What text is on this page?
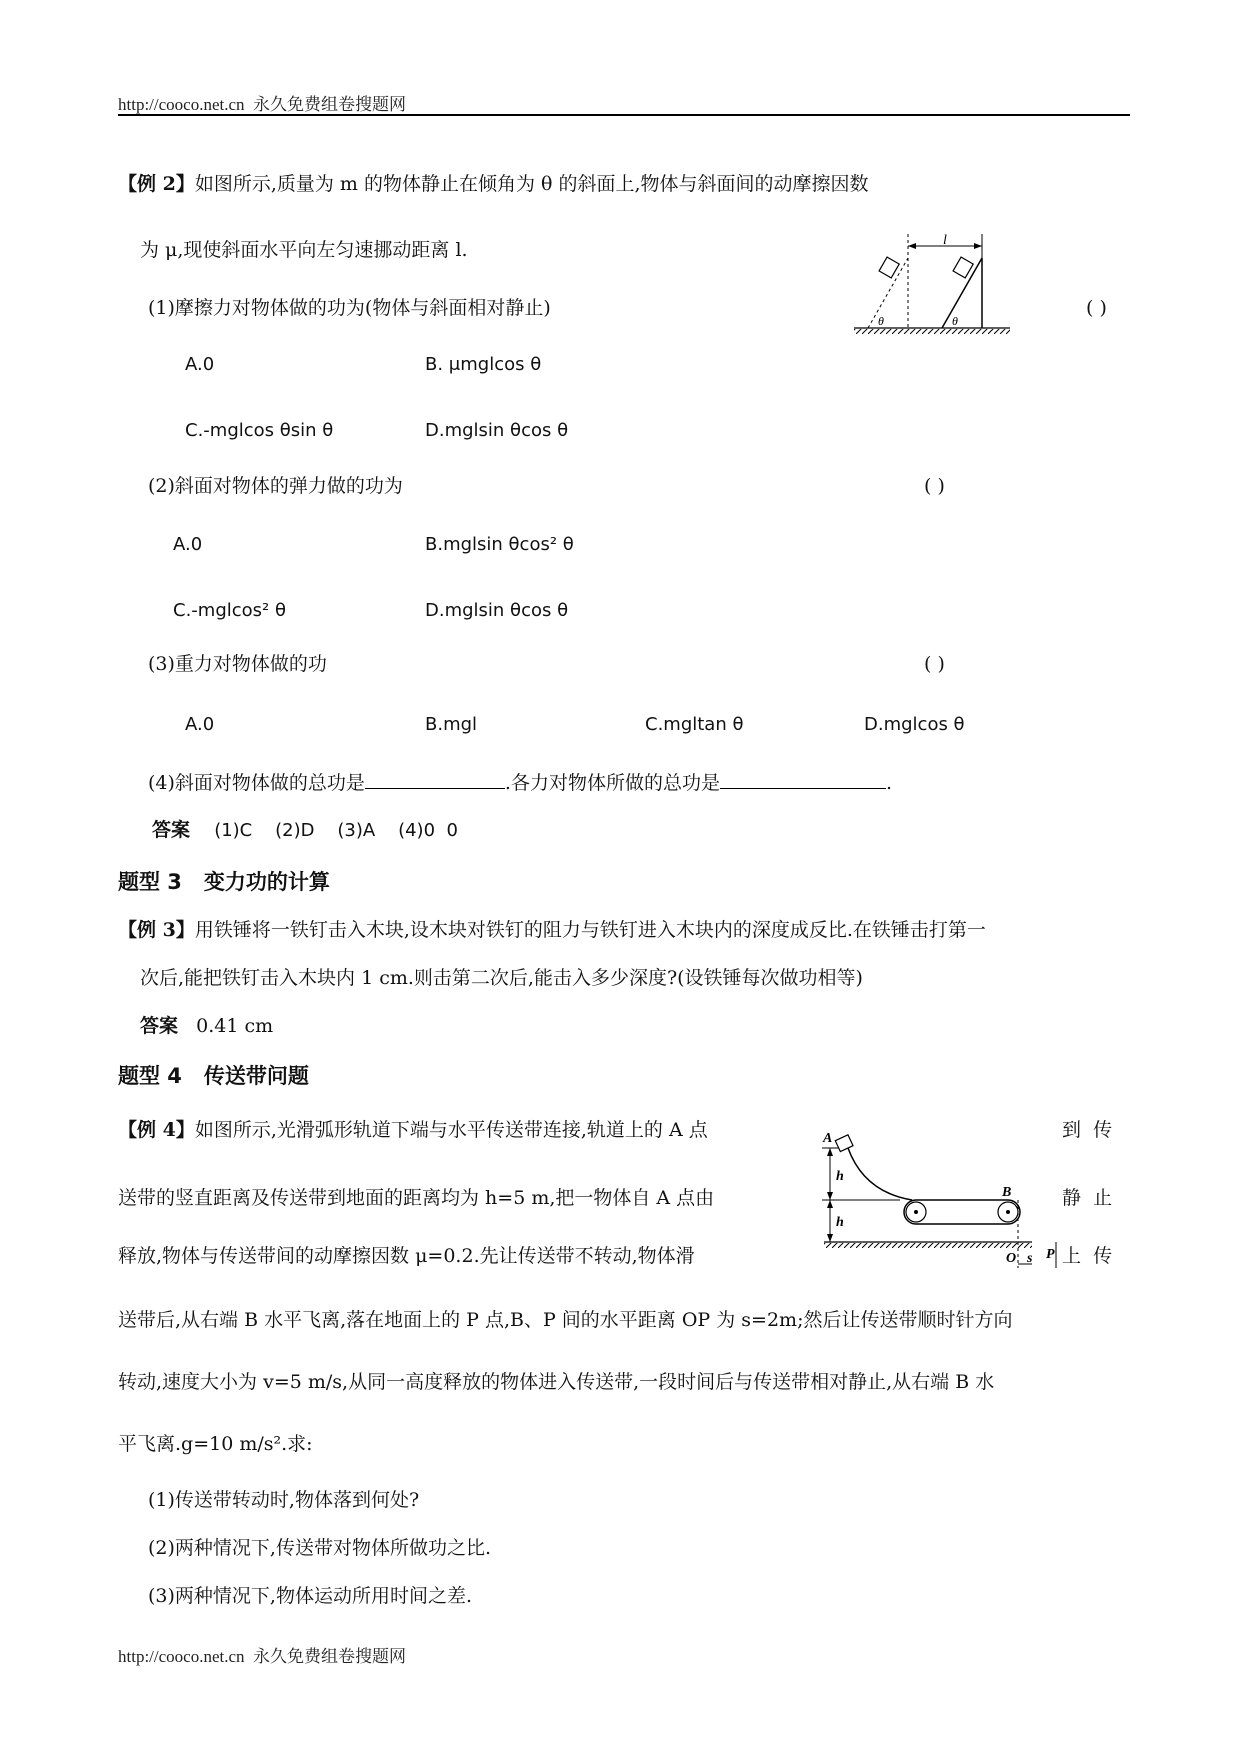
http://cooco.net.cn 永久免费组卷搜题网
【例 2】如图所示,质量为 m 的物体静止在倾角为 θ 的斜面上,物体与斜面间的动摩擦因数
为 μ,现使斜面水平向左匀速挪动距离 l.	l
θ	θ
(1)摩擦力对物体做的功为(物体与斜面相对静止)	( )
A.0	B. μmglcos θ
C.-mglcos θsin θ	D.mglsin θcos θ
(2)斜面对物体的弹力做的功为	( )
A.0	B.mglsin θcos² θ
C.-mglcos² θ	D.mglsin θcos θ
(3)重力对物体做的功	( )
A.0	B.mgl	C.mgltan θ	D.mglcos θ
(4)斜面对物体做的总功是	.各力对物体所做的总功是	.
答案 (1)C    (2)D    (3)A    (4)0  0
题型 3   变力功的计算
【例 3】用铁锤将一铁钉击入木块,设木块对铁钉的阻力与铁钉进入木块内的深度成反比.在铁锤击打第一
次后,能把铁钉击入木块内 1 cm.则击第二次后,能击入多少深度?(设铁锤每次做功相等)
答案 0.41 cm
题型 4   传送带问题
【例 4】如图所示,光滑弧形轨道下端与水平传送带连接,轨道上的 A 点	到  传
送带的竖直距离及传送带到地面的距离均为 h=5 m,把一物体自 A 点由	静  止
释放,物体与传送带间的动摩擦因数 μ=0.2.先让传送带不转动,物体滑	上  传
送带后,从右端 B 水平飞离,落在地面上的 P 点,B、P 间的水平距离 OP 为 s=2m;然后让传送带顺时针方向
转动,速度大小为 v=5 m/s,从同一高度释放的物体进入传送带,一段时间后与传送带相对静止,从右端 B 水
平飞离.g=10 m/s².求:
h
h
A
B
O P
s
(1)传送带转动时,物体落到何处?
(2)两种情况下,传送带对物体所做功之比.
(3)两种情况下,物体运动所用时间之差.
http://cooco.net.cn 永久免费组卷搜题网
